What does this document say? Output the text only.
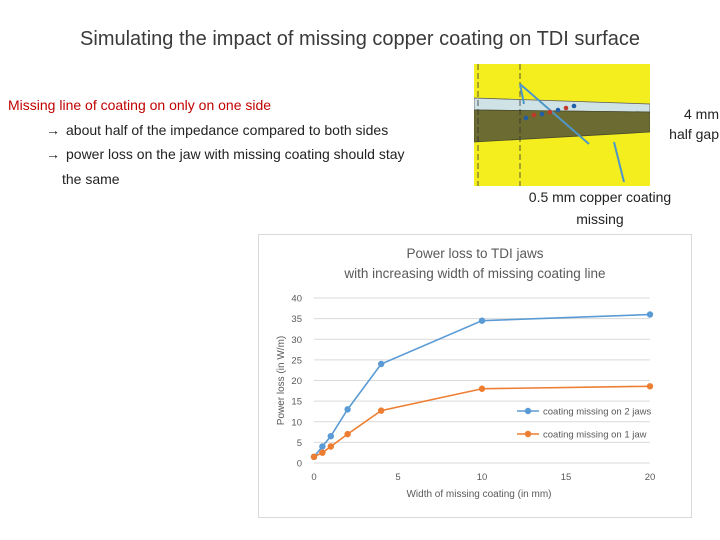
Simulating the impact of missing copper coating on TDI surface
Missing line of coating on only on one side
→ about half of the impedance compared to both sides
→ power loss on the jaw with missing coating should stay
the same
4 mm
half gap
0.5 mm copper coating
missing
Power loss to TDI jaws
with increasing width of missing coating line
0
5
10
15
20
25
30
35
40
0	5	10	15	20
Width of missing coating (in mm)
Power loss (in W/m)	coating missing on 2 jaws
coating missing on 1 jaw
